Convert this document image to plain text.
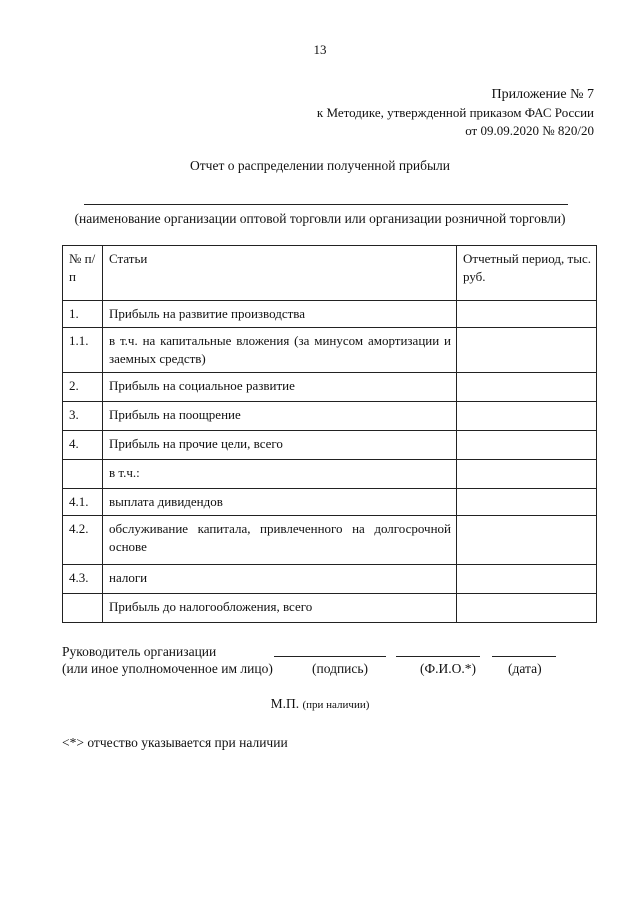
13
Приложение № 7
к Методике, утвержденной приказом ФАС России
от 09.09.2020 № 820/20
Отчет о распределении полученной прибыли
(наименование организации оптовой торговли или организации розничной торговли)
№ п/п	Статьи	Отчетный период, тыс. руб.
1.	Прибыль на развитие производства	
1.1.	в т.ч. на капитальные вложения (за минусом амортизации и заемных средств)	
2.	Прибыль на социальное развитие	
3.	Прибыль на поощрение	
4.	Прибыль на прочие цели, всего	
	в т.ч.:	
4.1.	выплата дивидендов	
4.2.	обслуживание капитала, привлеченного на долгосрочной основе	
4.3.	налоги	
	Прибыль до налогообложения, всего	
Руководитель организации
(или иное уполномоченное им лицо)	(подпись)	(Ф.И.О.*) (дата)
М.П. (при наличии)
<*> отчество указывается при наличии
